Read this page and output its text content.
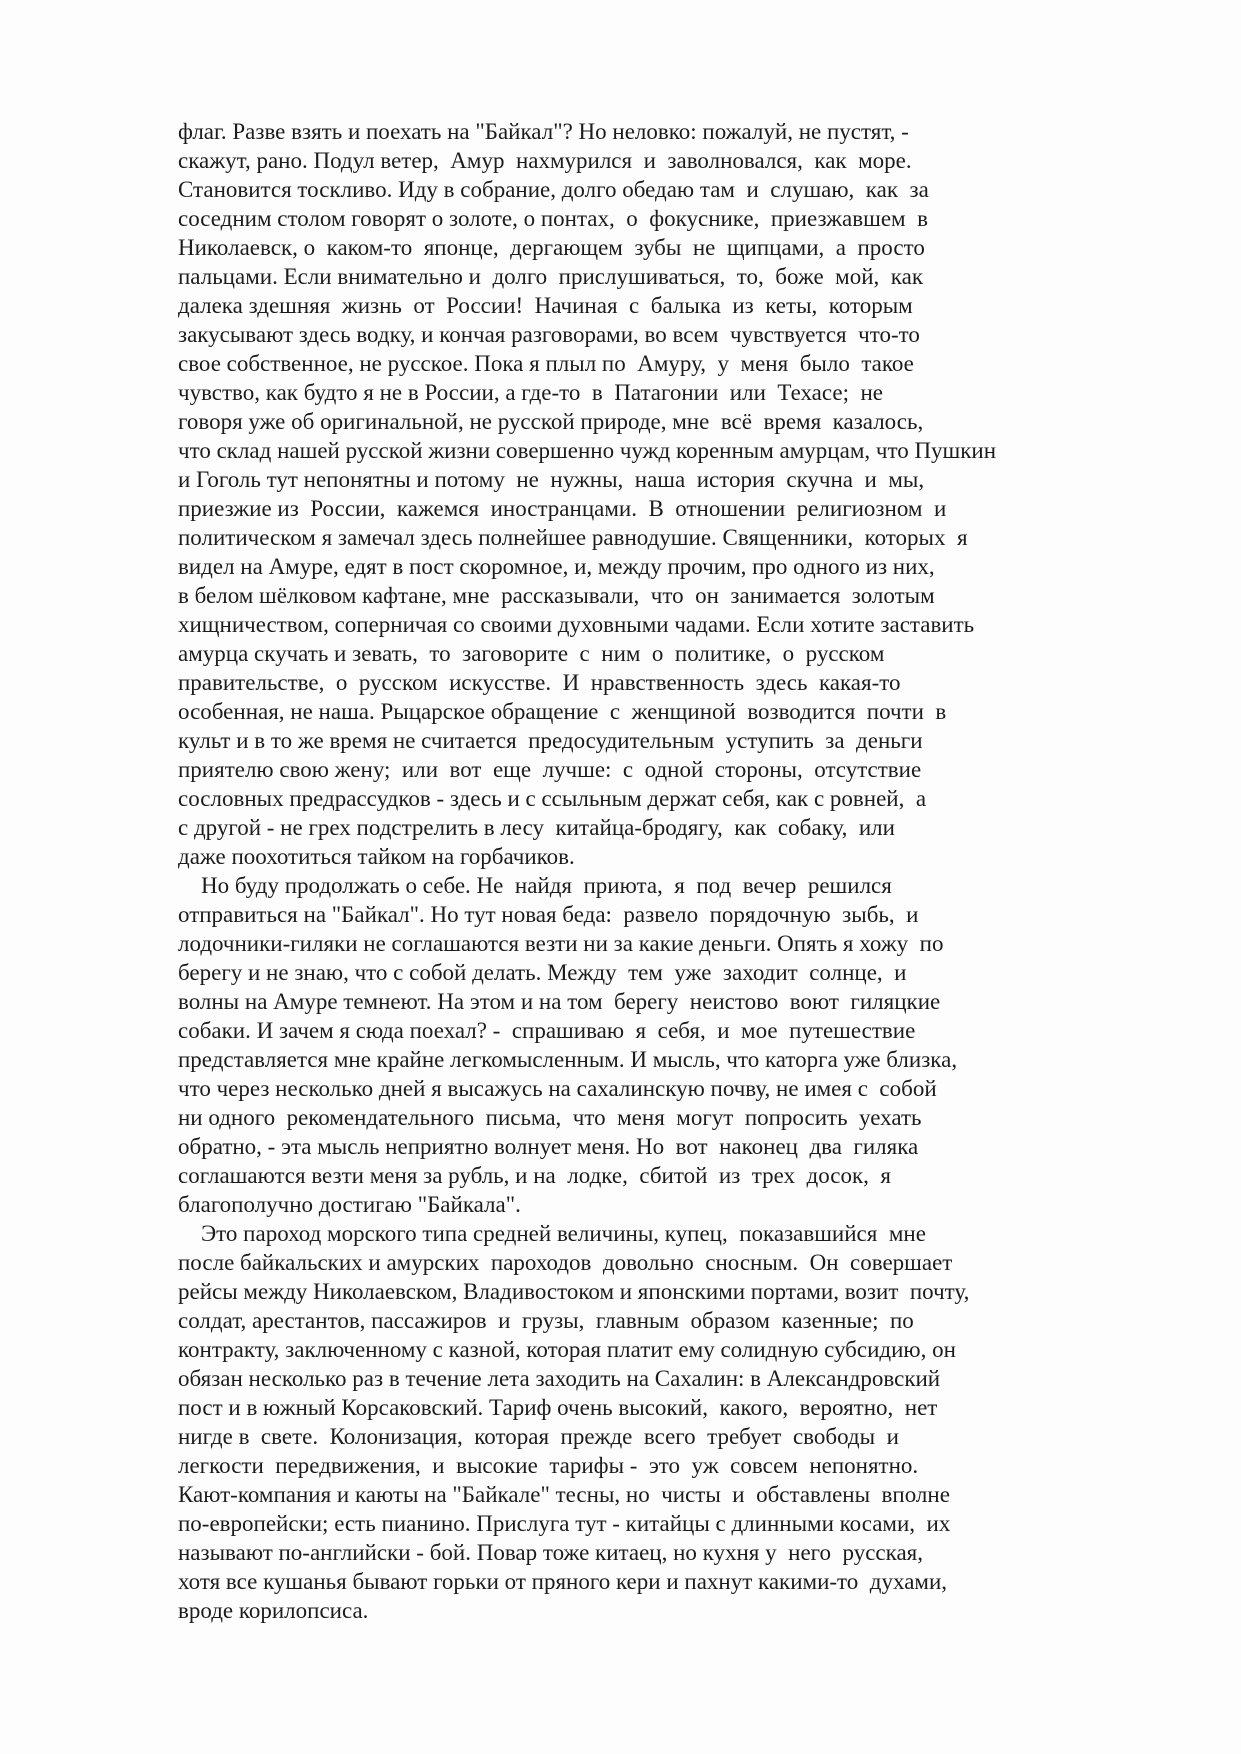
флаг. Разве взять и поехать на "Байкал"? Но неловко: пожалуй, не пустят, -

скажут, рано. Подул ветер,  Амур  нахмурился  и  заволновался,  как  море.

Становится тоскливо. Иду в собрание, долго обедаю там  и  слушаю,  как  за

соседним столом говорят о золоте, о понтах,  о  фокуснике,  приезжавшем  в

Николаевск, о  каком-то  японце,  дергающем  зубы  не  щипцами,  а  просто

пальцами. Если внимательно и  долго  прислушиваться,  то,  боже  мой,  как

далека здешняя  жизнь  от  России!  Начиная  с  балыка  из  кеты,  которым

закусывают здесь водку, и кончая разговорами, во всем  чувствуется  что-то

свое собственное, не русское. Пока я плыл по  Амуру,  у  меня  было  такое

чувство, как будто я не в России, а где-то  в  Патагонии  или  Техасе;  не

говоря уже об оригинальной, не русской природе, мне  всё  время  казалось,

что склад нашей русской жизни совершенно чужд коренным амурцам, что Пушкин

и Гоголь тут непонятны и потому  не  нужны,  наша  история  скучна  и  мы,

приезжие из  России,  кажемся  иностранцами.  В  отношении  религиозном  и

политическом я замечал здесь полнейшее равнодушие. Священники,  которых  я

видел на Амуре, едят в пост скоромное, и, между прочим, про одного из них,

в белом шёлковом кафтане, мне  рассказывали,  что  он  занимается  золотым

хищничеством, соперничая со своими духовными чадами. Если хотите заставить

амурца скучать и зевать,  то  заговорите  с  ним  о  политике,  о  русском

правительстве,  о  русском  искусстве.  И  нравственность  здесь  какая-то

особенная, не наша. Рыцарское обращение  с  женщиной  возводится  почти  в

культ и в то же время не считается  предосудительным  уступить  за  деньги

приятелю свою жену;  или  вот  еще  лучше:  с  одной  стороны,  отсутствие

сословных предрассудков - здесь и с ссыльным держат себя, как с ровней,  а

с другой - не грех подстрелить в лесу  китайца-бродягу,  как  собаку,  или

даже поохотиться тайком на горбачиков.

Но буду продолжать о себе. Не  найдя  приюта,  я  под  вечер  решился

отправиться на "Байкал". Но тут новая беда:  развело  порядочную  зыбь,  и

лодочники-гиляки не соглашаются везти ни за какие деньги. Опять я хожу  по

берегу и не знаю, что с собой делать. Между  тем  уже  заходит  солнце,  и

волны на Амуре темнеют. На этом и на том  берегу  неистово  воют  гиляцкие

собаки. И зачем я сюда поехал? -  спрашиваю  я  себя,  и  мое  путешествие

представляется мне крайне легкомысленным. И мысль, что каторга уже близка,

что через несколько дней я высажусь на сахалинскую почву, не имея с  собой

ни одного  рекомендательного  письма,  что  меня  могут  попросить  уехать

обратно, - эта мысль неприятно волнует меня. Но  вот  наконец  два  гиляка

соглашаются везти меня за рубль, и на  лодке,  сбитой  из  трех  досок,  я

благополучно достигаю "Байкала".

Это пароход морского типа средней величины, купец,  показавшийся  мне

после байкальских и амурских  пароходов  довольно  сносным.  Он  совершает

рейсы между Николаевском, Владивостоком и японскими портами, возит  почту,

солдат, арестантов, пассажиров  и  грузы,  главным  образом  казенные;  по

контракту, заключенному с казной, которая платит ему солидную субсидию, он

обязан несколько раз в течение лета заходить на Сахалин: в Александровский

пост и в южный Корсаковский. Тариф очень высокий,  какого,  вероятно,  нет

нигде в  свете.  Колонизация,  которая  прежде  всего  требует  свободы  и

легкости  передвижения,  и  высокие  тарифы -  это  уж  совсем  непонятно.

Кают-компания и каюты на "Байкале" тесны, но  чисты  и  обставлены  вполне

по-европейски; есть пианино. Прислуга тут - китайцы с длинными косами,  их

называют по-английски - бой. Повар тоже китаец, но кухня у  него  русская,

хотя все кушанья бывают горьки от пряного кери и пахнут какими-то  духами,

вроде корилопсиса.
